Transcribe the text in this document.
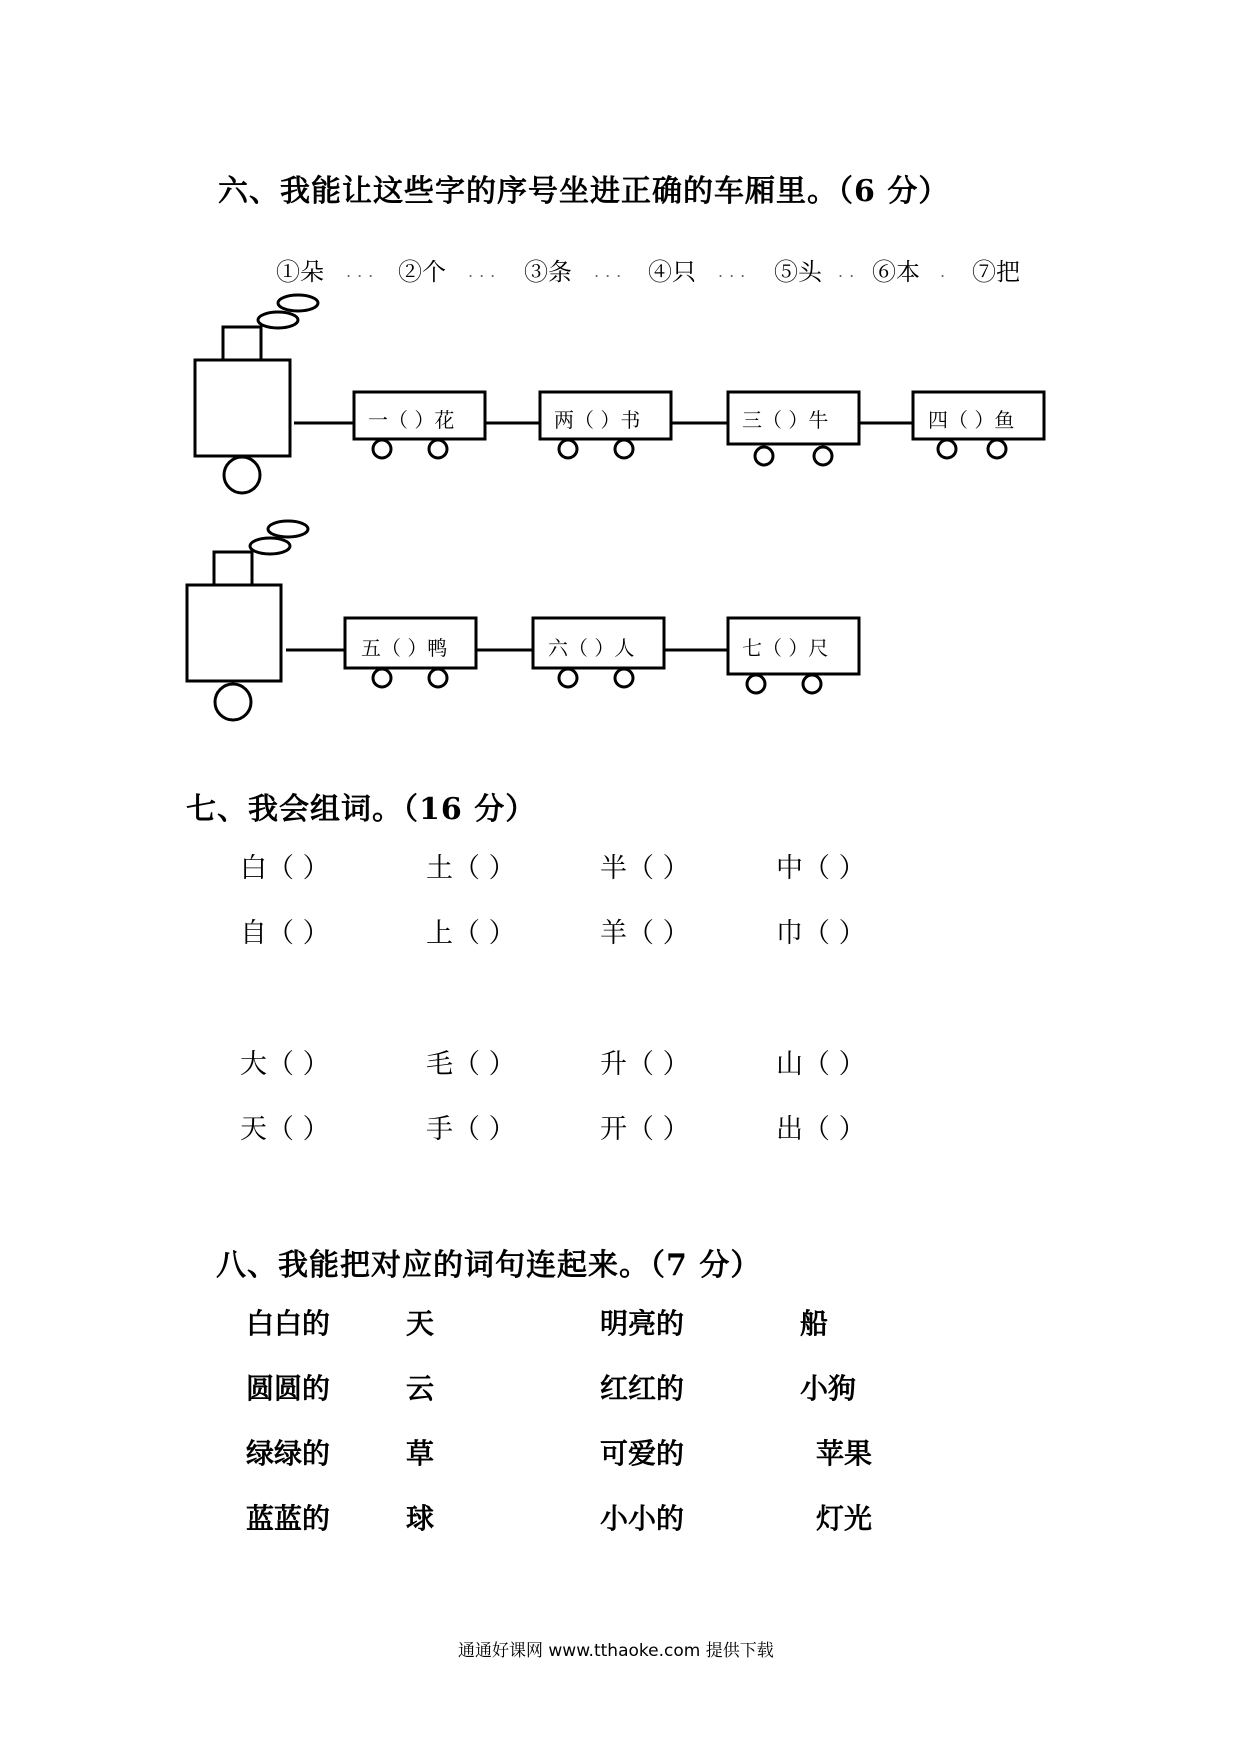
六、我能让这些字的序号坐进正确的车厢里。（6 分）
①朵 ... ②个 ... ③条 ... ④只 ... ⑤头 .. ⑥本 . ⑦把
一（ ）花	两（ ）书	三（ ）牛	四（ ）鱼
五（ ）鸭	六（ ）人	七（ ）尺
七、我会组词。（16 分）
白（ ）	土（ ）	半（ ）	中（ ）
自（ ）	上（ ）	羊（ ）	巾（ ）
大（ ）	毛（ ）	升（ ）	山（ ）
天（ ）	手（ ）	开（ ）	出（ ）
八、我能把对应的词句连起来。（7 分）
白白的	天	明亮的	船
圆圆的	云	红红的	小狗
绿绿的	草	可爱的	苹果
蓝蓝的	球	小小的	灯光
通通好课网 www.tthaoke.com 提供下载
